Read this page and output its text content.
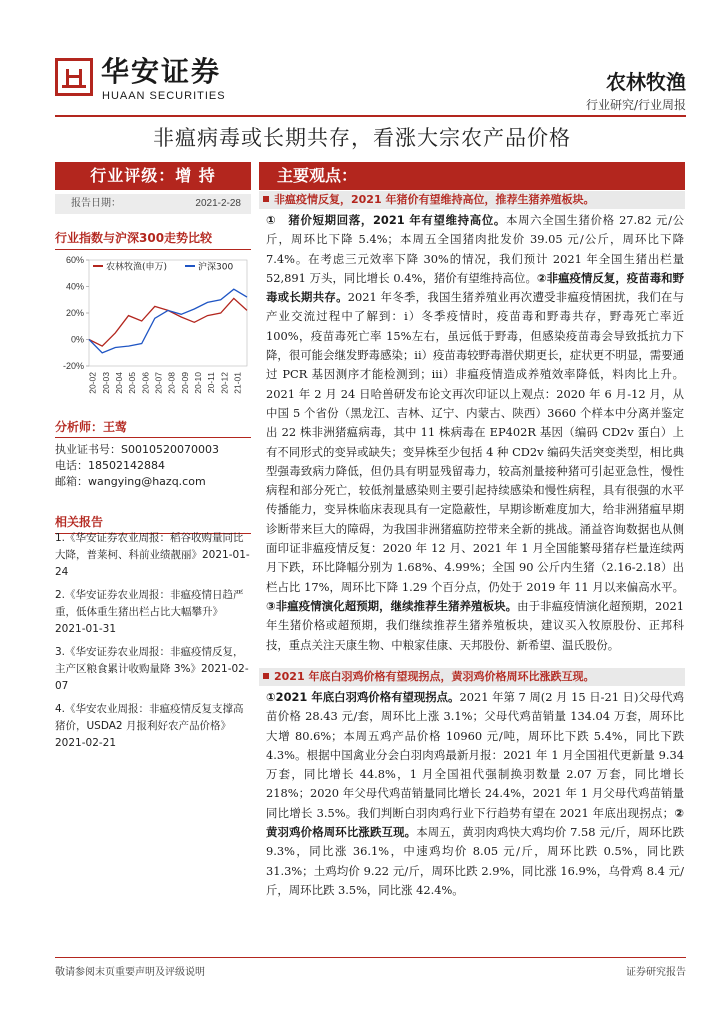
华安证券
HUAAN SECURITIES
农林牧渔
行业研究/行业周报
非瘟病毒或长期共存，看涨大宗农产品价格
行业评级：增 持
报告日期：	2021-2-28
行业指数与沪深300走势比较
-20%
0%
20%
40%
60%
20-02 20-03 20-04 20-05 20-06 20-07 20-08 20-09 20-10 20-11 20-12 21-01
农林牧渔(申万)	沪深300
分析师：王莺
执业证书号：S0010520070003
电话：18502142884
邮箱：wangying@hazq.com
相关报告
1.《华安证券农业周报：稻谷收购量同比大降，普莱柯、科前业绩靓丽》2021-01-24
2.《华安证券农业周报：非瘟疫情日趋严重，低体重生猪出栏占比大幅攀升》2021-01-31
3.《华安证券农业周报：非瘟疫情反复，主产区粮食累计收购量降 3%》2021-02-07
4.《华安农业周报：非瘟疫情反复支撑高猪价，USDA2 月报利好农产品价格》2021-02-21
主要观点：
非瘟疫情反复，2021 年猪价有望维持高位，推荐生猪养殖板块。
①　猪价短期回落，2021 年有望维持高位。本周六全国生猪价格 27.82 元/公斤，周环比下降 5.4%；本周五全国猪肉批发价 39.05 元/公斤，周环比下降 7.4%。在考虑三元效率下降 30%的情况，我们预计 2021 年全国生猪出栏量 52,891 万头，同比增长 0.4%，猪价有望维持高位。②非瘟疫情反复，疫苗毒和野毒或长期共存。2021 年冬季，我国生猪养殖业再次遭受非瘟疫情困扰，我们在与产业交流过程中了解到：i）冬季疫情时，疫苗毒和野毒共存，野毒死亡率近 100%，疫苗毒死亡率 15%左右，虽远低于野毒，但感染疫苗毒会导致抵抗力下降，很可能会继发野毒感染；ii）疫苗毒较野毒潜伏期更长，症状更不明显，需要通过 PCR 基因测序才能检测到；iii）非瘟疫情造成养殖效率降低，料肉比上升。2021 年 2 月 24 日哈兽研发布论文再次印证以上观点：2020 年 6 月-12 月，从中国 5 个省份（黑龙江、吉林、辽宁、内蒙古、陕西）3660 个样本中分离并鉴定出 22 株非洲猪瘟病毒，其中 11 株病毒在 EP402R 基因（编码 CD2v 蛋白）上有不同形式的变异或缺失；变异株至少包括 4 种 CD2v 编码失活突变类型，相比典型强毒致病力降低，但仍具有明显残留毒力，较高剂量接种猪可引起亚急性，慢性病程和部分死亡，较低剂量感染则主要引起持续感染和慢性病程，具有很强的水平传播能力，变异株临床表现具有一定隐蔽性，早期诊断难度加大，给非洲猪瘟早期诊断带来巨大的障碍，为我国非洲猪瘟防控带来全新的挑战。涌益咨询数据也从侧面印证非瘟疫情反复：2020 年 12 月、2021 年 1 月全国能繁母猪存栏量连续两月下跌，环比降幅分别为 1.68%、4.99%；全国 90 公斤内生猪（2.16-2.18）出栏占比 17%，周环比下降 1.29 个百分点，仍处于 2019 年 11 月以来偏高水平。③非瘟疫情演化超预期，继续推荐生猪养殖板块。由于非瘟疫情演化超预期，2021 年生猪价格或超预期，我们继续推荐生猪养殖板块，建议买入牧原股份、正邦科技，重点关注天康生物、中粮家佳康、天邦股份、新希望、温氏股份。
2021 年底白羽鸡价格有望现拐点，黄羽鸡价格周环比涨跌互现。
①2021 年底白羽鸡价格有望现拐点。2021 年第 7 周(2 月 15 日-21 日)父母代鸡苗价格 28.43 元/套，周环比上涨 3.1%；父母代鸡苗销量 134.04 万套，周环比大增 80.6%；本周五鸡产品价格 10960 元/吨，周环比下跌 5.4%，同比下跌 4.3%。根据中国禽业分会白羽肉鸡最新月报：2021 年 1 月全国祖代更新量 9.34 万套，同比增长 44.8%，1 月全国祖代强制换羽数量 2.07 万套，同比增长 218%；2020 年父母代鸡苗销量同比增长 24.4%，2021 年 1 月父母代鸡苗销量同比增长 3.5%。我们判断白羽肉鸡行业下行趋势有望在 2021 年底出现拐点；②黄羽鸡价格周环比涨跌互现。本周五，黄羽肉鸡快大鸡均价 7.58 元/斤，周环比跌 9.3%，同比涨 36.1%，中速鸡均价 8.05 元/斤，周环比跌 0.5%，同比跌 31.3%；土鸡均价 9.22 元/斤，周环比跌 2.9%，同比涨 16.9%，乌骨鸡 8.4 元/斤，周环比跌 3.5%，同比涨 42.4%。
敬请参阅末页重要声明及评级说明	证券研究报告
